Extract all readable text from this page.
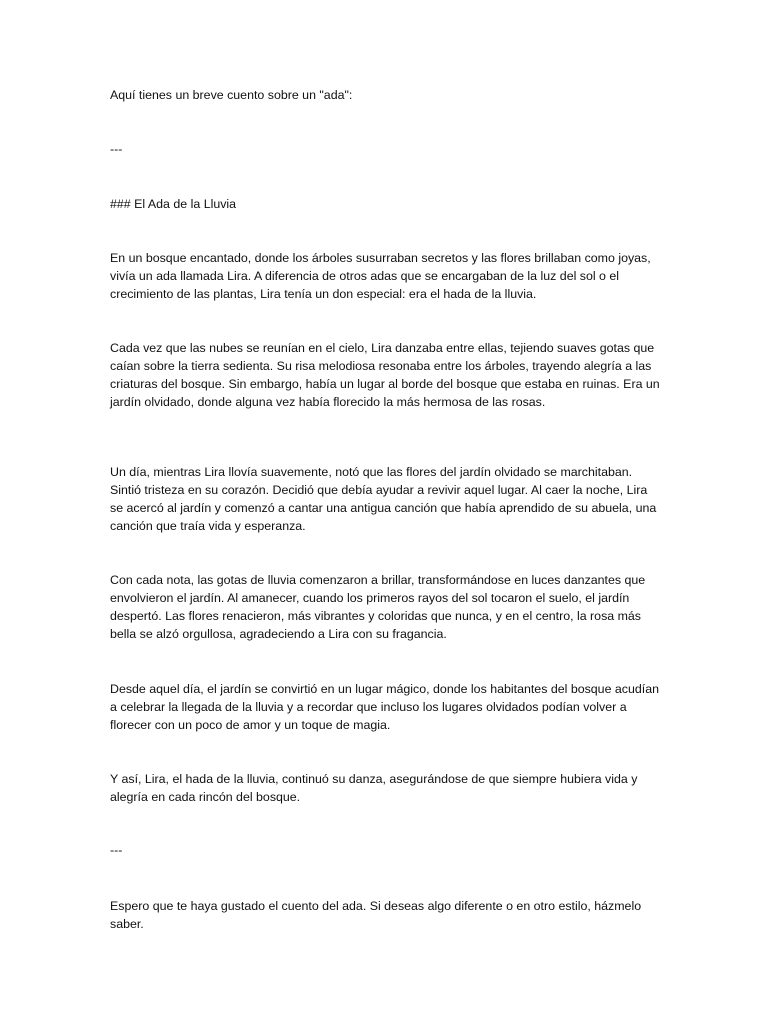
Aquí tienes un breve cuento sobre un "ada":

---

### El Ada de la Lluvia

En un bosque encantado, donde los árboles susurraban secretos y las flores brillaban como joyas, vivía un ada llamada Lira. A diferencia de otros adas que se encargaban de la luz del sol o el crecimiento de las plantas, Lira tenía un don especial: era el hada de la lluvia.

Cada vez que las nubes se reunían en el cielo, Lira danzaba entre ellas, tejiendo suaves gotas que caían sobre la tierra sedienta. Su risa melodiosa resonaba entre los árboles, trayendo alegría a las criaturas del bosque. Sin embargo, había un lugar al borde del bosque que estaba en ruinas. Era un jardín olvidado, donde alguna vez había florecido la más hermosa de las rosas.

Un día, mientras Lira llovía suavemente, notó que las flores del jardín olvidado se marchitaban. Sintió tristeza en su corazón. Decidió que debía ayudar a revivir aquel lugar. Al caer la noche, Lira se acercó al jardín y comenzó a cantar una antigua canción que había aprendido de su abuela, una canción que traía vida y esperanza.

Con cada nota, las gotas de lluvia comenzaron a brillar, transformándose en luces danzantes que envolvieron el jardín. Al amanecer, cuando los primeros rayos del sol tocaron el suelo, el jardín despertó. Las flores renacieron, más vibrantes y coloridas que nunca, y en el centro, la rosa más bella se alzó orgullosa, agradeciendo a Lira con su fragancia.

Desde aquel día, el jardín se convirtió en un lugar mágico, donde los habitantes del bosque acudían a celebrar la llegada de la lluvia y a recordar que incluso los lugares olvidados podían volver a florecer con un poco de amor y un toque de magia.

Y así, Lira, el hada de la lluvia, continuó su danza, asegurándose de que siempre hubiera vida y alegría en cada rincón del bosque.

---

Espero que te haya gustado el cuento del ada. Si deseas algo diferente o en otro estilo, házmelo saber.
